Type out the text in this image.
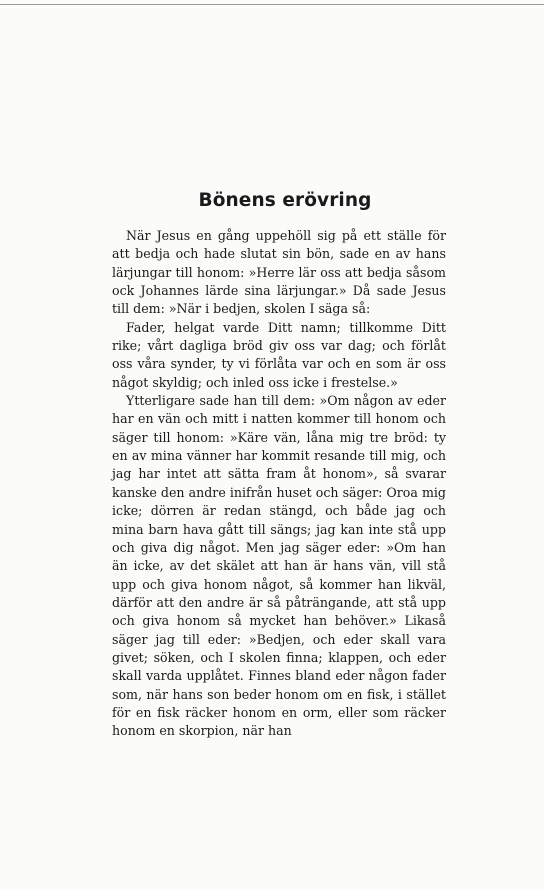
Bönens erövring

När Jesus en gång uppehöll sig på ett ställe för att bedja och hade slutat sin bön, sade en av hans lärjungar till honom: »Herre lär oss att bedja såsom ock Johannes lärde sina lärjungar.» Då sade Jesus till dem: »När i bedjen, skolen I säga så:

Fader, helgat varde Ditt namn; tillkomme Ditt rike; vårt dagliga bröd giv oss var dag; och förlåt oss våra synder, ty vi förlåta var och en som är oss något skyldig; och inled oss icke i frestelse.»

Ytterligare sade han till dem: »Om någon av eder har en vän och mitt i natten kommer till honom och säger till honom: »Käre vän, låna mig tre bröd: ty en av mina vänner har kommit resande till mig, och jag har intet att sätta fram åt honom», så svarar kanske den andre inifrån huset och säger: Oroa mig icke; dörren är redan stängd, och både jag och mina barn hava gått till sängs; jag kan inte stå upp och giva dig något. Men jag säger eder: »Om han än icke, av det skälet att han är hans vän, vill stå upp och giva honom något, så kommer han likväl, därför att den andre är så påträngande, att stå upp och giva honom så mycket han behöver.» Likaså säger jag till eder: »Bedjen, och eder skall vara givet; söken, och I skolen finna; klappen, och eder skall varda upplåtet. Finnes bland eder någon fader som, när hans son beder honom om en fisk, i stället för en fisk räcker honom en orm, eller som räcker honom en skorpion, när han
